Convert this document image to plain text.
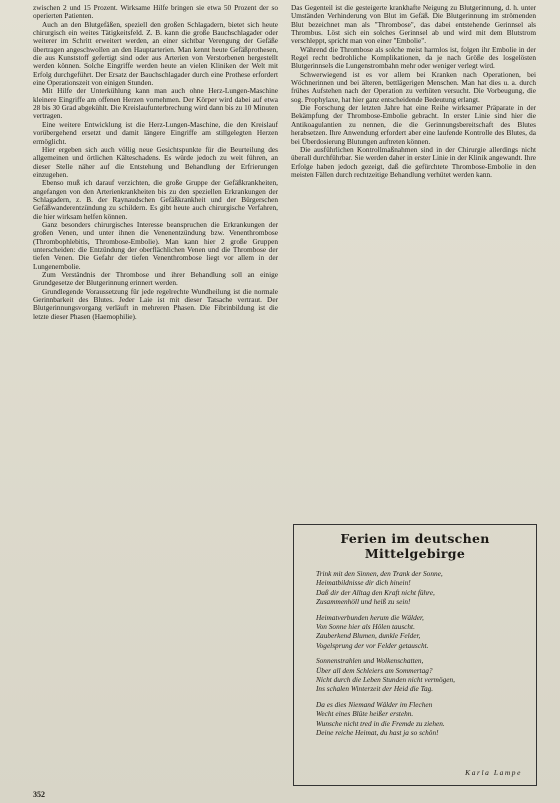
zwischen 2 und 15 Prozent. Wirksame Hilfe bringen sie etwa 50 Prozent der so operierten Patienten.

Auch an den Blutgefäßen, speziell den großen Schlagadern, bietet sich heute chirurgisch ein weites Tätigkeitsfeld. Z. B. kann die große Bauchschlagader oder weiterer im Schritt erweitert werden, an einer sichtbar Verengung der Gefäße übertragen angeschwollen an den Hauptarterien. Man kennt heute Gefäßprothesen, die aus Kunststoff gefertigt sind oder aus Arterien von Verstorbenen hergestellt werden können. Solche Eingriffe werden heute an vielen Kliniken der Welt mit Erfolg durchgeführt. Der Ersatz der Bauchschlagader durch eine Prothese erfordert eine Operationszeit von einigen Stunden.

Mit Hilfe der Unterkühlung kann man auch ohne Herz-Lungen-Maschine kleinere Eingriffe am offenen Herzen vornehmen. Der Körper wird dabei auf etwa 28 bis 30 Grad abgekühlt. Die Kreislaufunterbrechung wird dann bis zu 10 Minuten vertragen.

Eine weitere Entwicklung ist die Herz-Lungen-Maschine, die den Kreislauf vorübergehend ersetzt und damit längere Eingriffe am stillgelegten Herzen ermöglicht.

Hier ergeben sich auch völlig neue Gesichtspunkte für die Beurteilung des allgemeinen und örtlichen Kälteschadens. Es würde jedoch zu weit führen, an dieser Stelle näher auf die Entstehung und Behandlung der Erfrierungen einzugehen.

Ebenso muß ich darauf verzichten, die große Gruppe der Gefäßkrankheiten, angefangen von den Arterienkrankheiten bis zu den speziellen Erkrankungen der Schlagadern, z. B. der Raynaudschen Gefäßkrankheit und der Bürgerschen Gefäßwanderentzündung zu schildern. Es gibt heute auch chirurgische Verfahren, die hier wirksam helfen können.

Ganz besonders chirurgisches Interesse beanspruchen die Erkrankungen der großen Venen, und unter ihnen die Venenentzündung bzw. Venenthrombose (Thrombophlebitis, Thrombose-Embolie). Man kann hier 2 große Gruppen unterscheiden: die Entzündung der oberflächlichen Venen und die Thrombose der tiefen Venen. Die Gefahr der tiefen Venenthrombose liegt vor allem in der Lungenembolie.

Zum Verständnis der Thrombose und ihrer Behandlung soll an einige Grundgesetze der Blutgerinnung erinnert werden.

Grundlegende Voraussetzung für jede regelrechte Wundheilung ist die normale Gerinnbarkeit des Blutes. Jeder Laie ist mit dieser Tatsache vertraut. Der Blutgerinnungsvorgang verläuft in mehreren Phasen. Die Fibrinbildung ist die letzte dieser Phasen (Haemophilie).

Das Gegenteil ist die gesteigerte krankhafte Neigung zu Blutgerinnung, d. h. unter Umständen Verhinderung von Blut im Gefäß. Die Blutgerinnung im strömenden Blut bezeichnet man als "Thrombose", das dabei entstehende Gerinnsel als Thrombus. Löst sich ein solches Gerinnsel ab und wird mit dem Blutstrom verschleppt, spricht man von einer "Embolie".

Während die Thrombose als solche meist harmlos ist, folgen ihr Embolie in der Regel recht bedrohliche Komplikationen, da je nach Größe des losgelösten Blutgerinnsels die Lungenstrombahn mehr oder weniger verlegt wird.

Schwerwiegend ist es vor allem bei Kranken nach Operationen, bei Wöchnerinnen und bei älteren, bettlägerigen Menschen. Man hat dies u. a. durch frühes Aufstehen nach der Operation zu verhüten versucht. Die Vorbeugung, die sog. Prophylaxe, hat hier ganz entscheidende Bedeutung erlangt.

Die Forschung der letzten Jahre hat eine Reihe wirksamer Präparate in der Bekämpfung der Thrombose-Embolie gebracht. In erster Linie sind hier die Antikoagulantien zu nennen, die die Gerinnungsbereitschaft des Blutes herabsetzen. Ihre Anwendung erfordert aber eine laufende Kontrolle des Blutes, da bei Überdosierung Blutungen auftreten können.

Die ausführlichen Kontrollmaßnahmen sind in der Chirurgie allerdings nicht überall durchführbar. Sie werden daher in erster Linie in der Klinik angewandt. Ihre Erfolge haben jedoch gezeigt, daß die gefürchtete Thrombose-Embolie in den meisten Fällen durch rechtzeitige Behandlung verhütet werden kann.

Ferien im deutschen Mittelgebirge
Trink mit den Sinnen, den Trank der Sonne,
Heimatbildnisse dir dich hinein!
Daß dir der Alltag den Kraft nicht führe,
Zusammenhöll und heiß zu sein!
Heimatverbunden herum die Wälder,
Von Sonne hier als Hölen tauscht.
Zauberkend Blumen, dunkle Felder,
Vogelsprung der vor Felder getauscht.
Sonnenstrahlen und Wolkenschatten,
Über all dem Schleiers am Sommertag?
Nicht durch die Leben Stunden nicht vermögen,
Ins schalen Winterzeit der Heid die Tag.
Da es dies Niemand Wälder im Flechen
Wecht eines Blüte heißer erstehn.
Wunsche nicht tred in die Fremde zu ziehen.
Deine reiche Heimat, du hast ja so schön!
Karla Lampe
352
